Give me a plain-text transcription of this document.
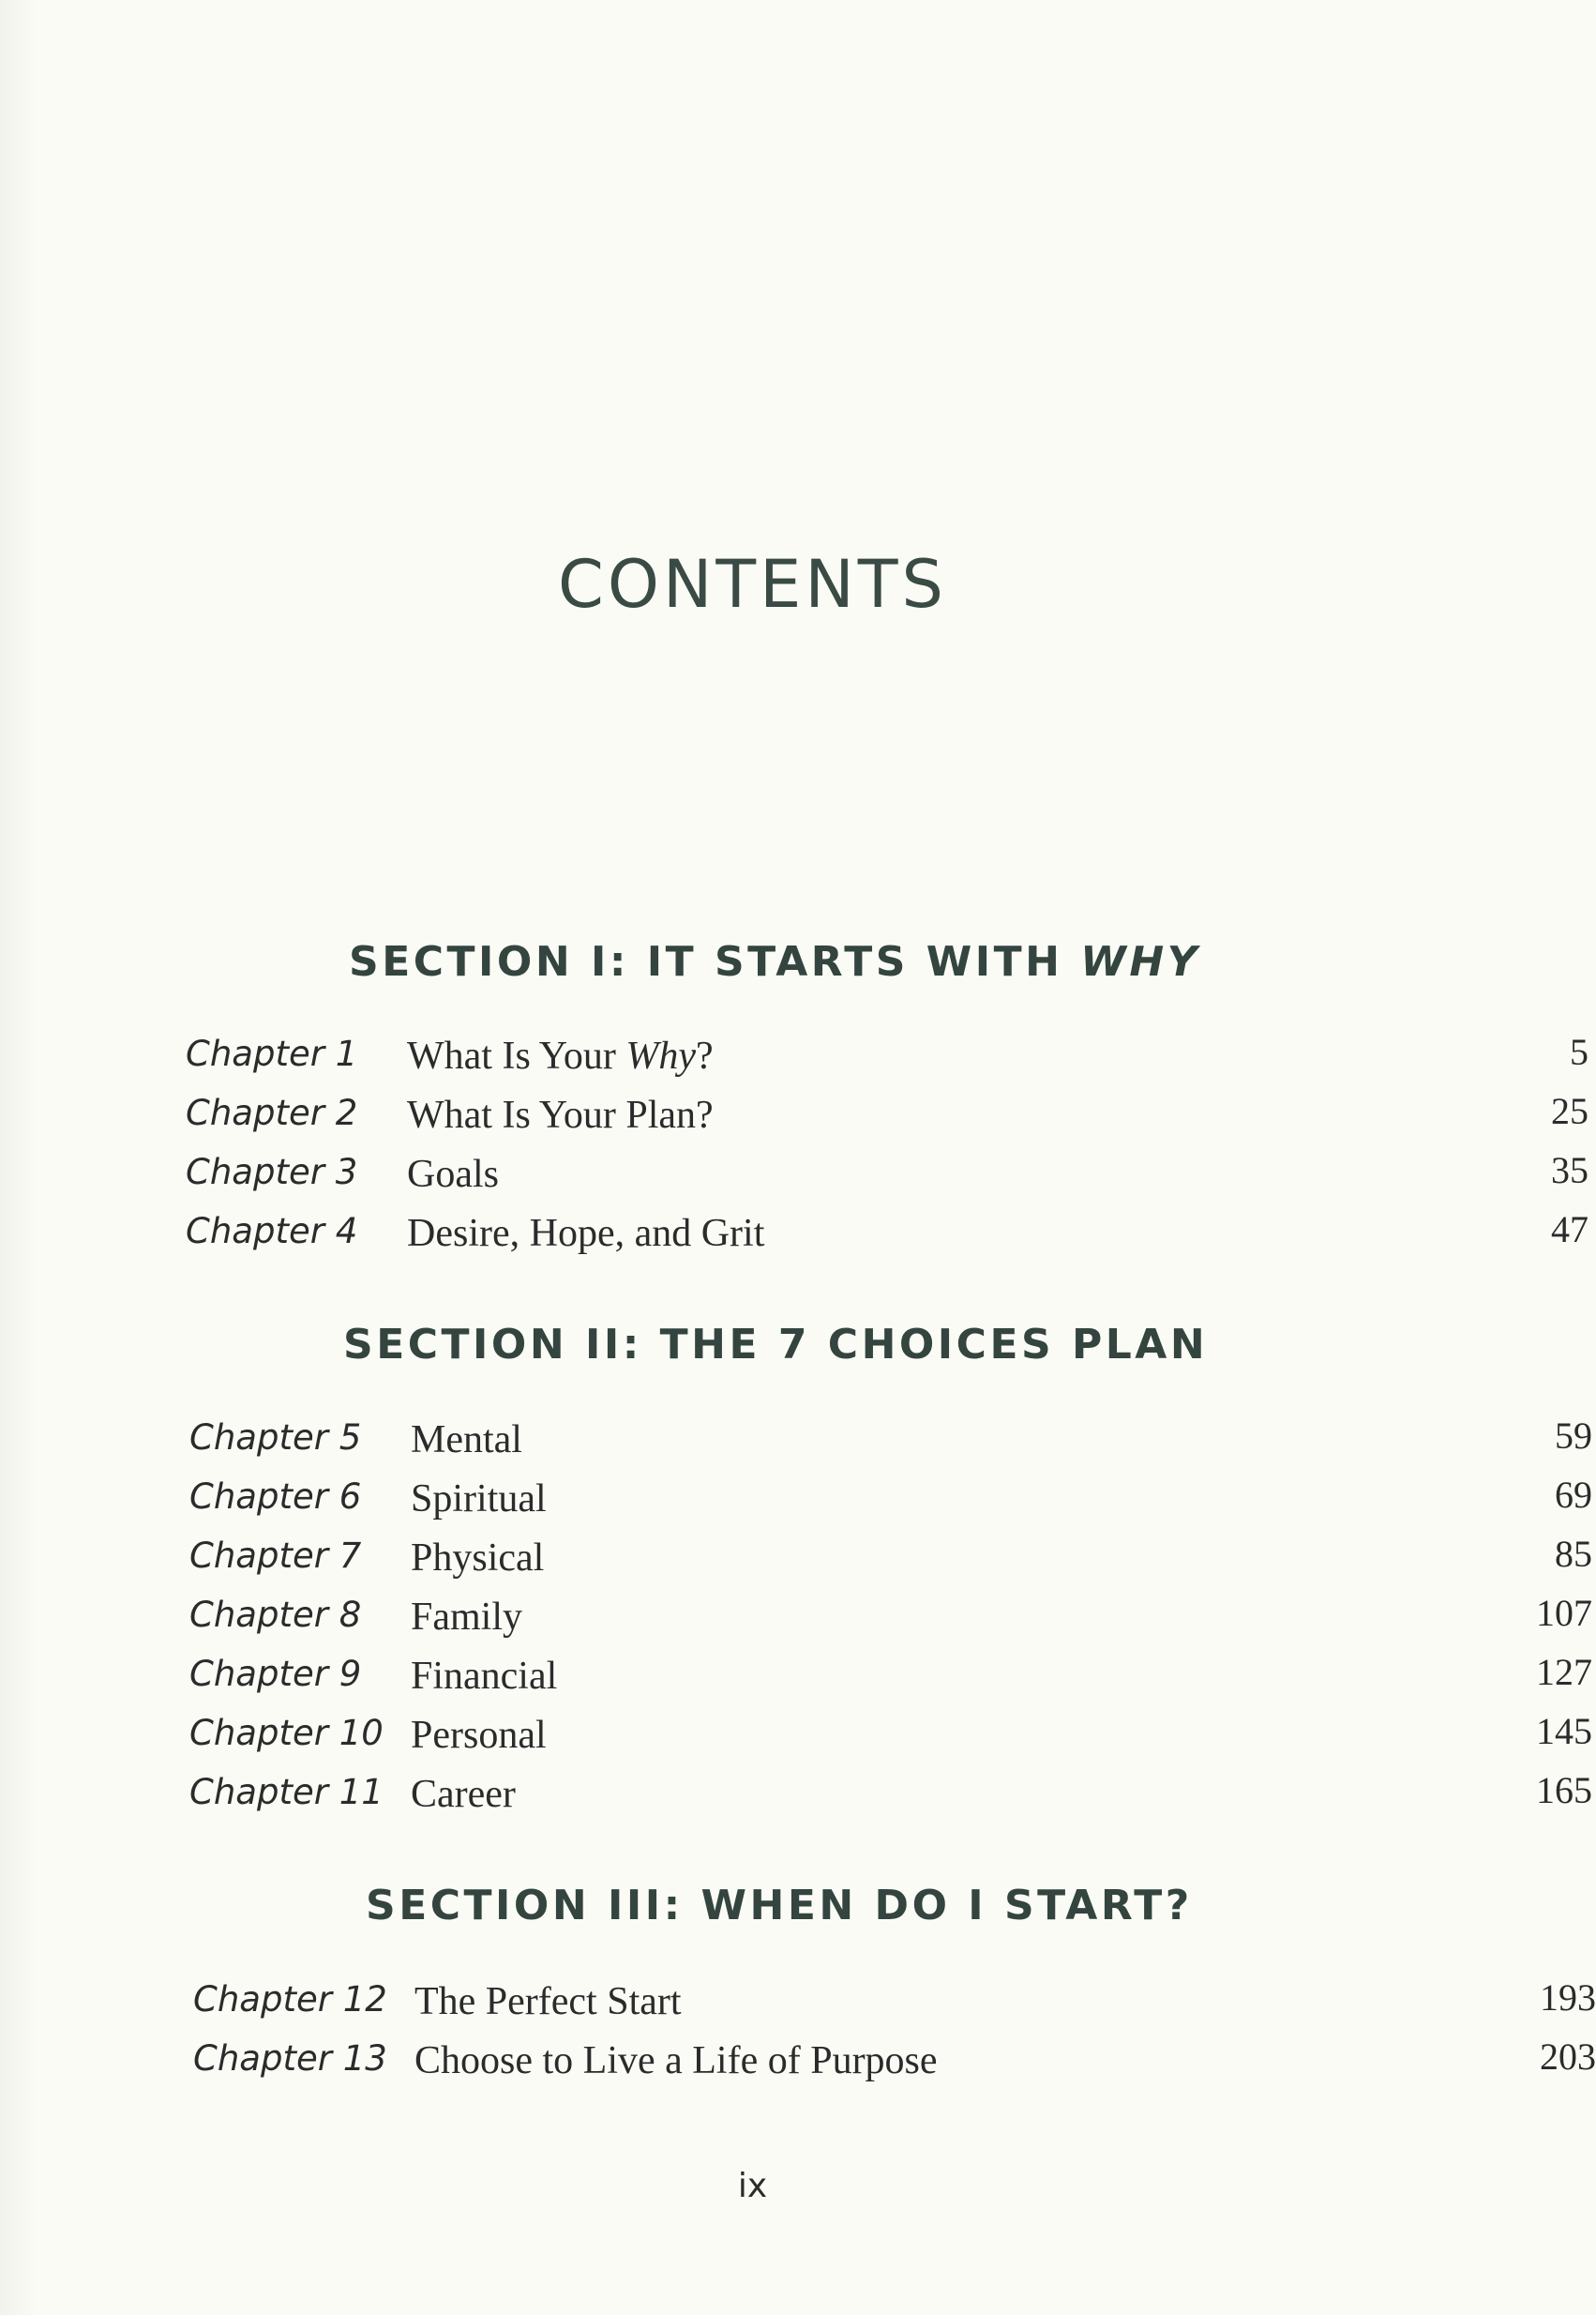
CONTENTS
SECTION I: IT STARTS WITH WHY
Chapter 1 What Is Your Why?	5
Chapter 2 What Is Your Plan?	25
Chapter 3 Goals	35
Chapter 4 Desire, Hope, and Grit	47
SECTION II: THE 7 CHOICES PLAN
Chapter 5 Mental	59
Chapter 6 Spiritual	69
Chapter 7 Physical	85
Chapter 8 Family	107
Chapter 9 Financial	127
Chapter 10 Personal	145
Chapter 11 Career	165
SECTION III: WHEN DO I START?
Chapter 12 The Perfect Start	193
Chapter 13 Choose to Live a Life of Purpose	203
ix
